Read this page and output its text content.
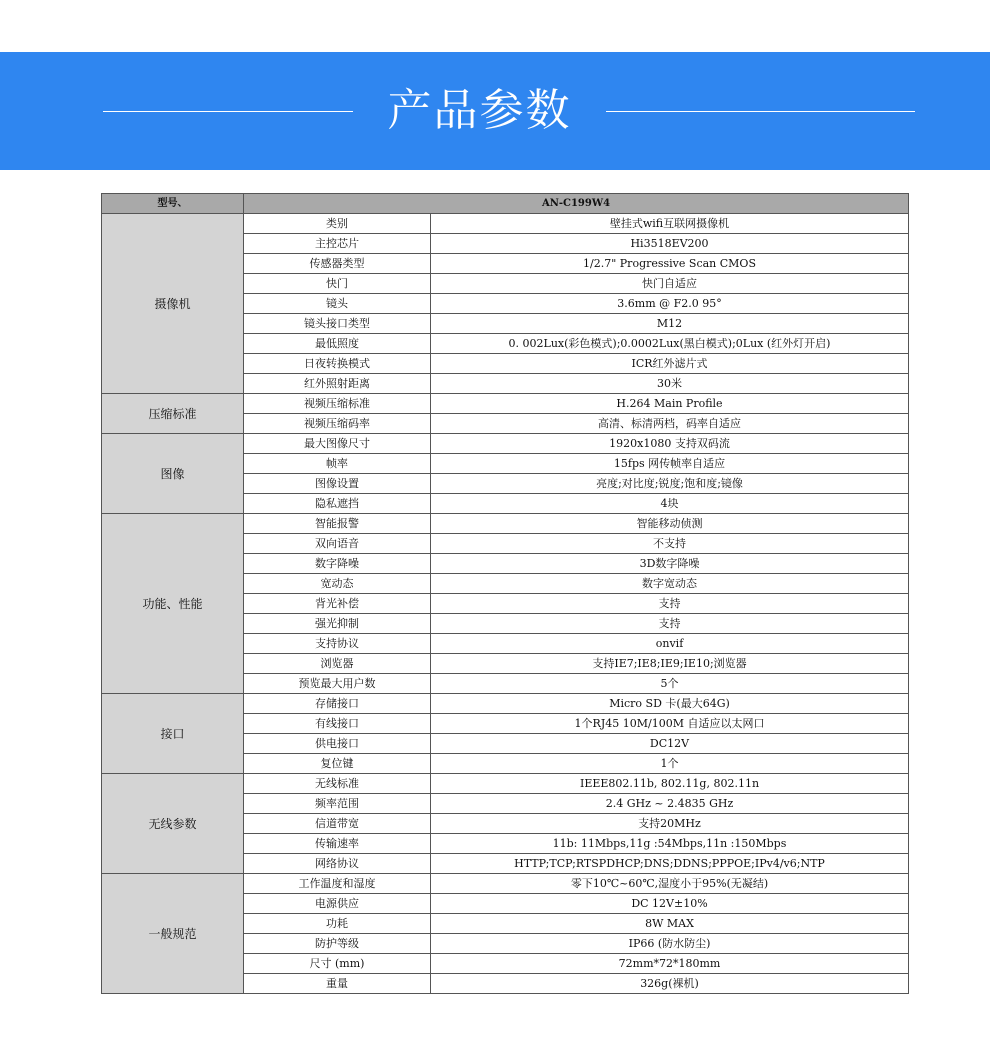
产品参数
型号、	AN-C199W4	
摄像机	类别	壁挂式wifi互联网摄像机
	主控芯片	Hi3518EV200
	传感器类型	1/2.7" Progressive Scan CMOS
	快门	快门自适应
	镜头	3.6mm @ F2.0 95°
	镜头接口类型	M12
	最低照度	0. 002Lux(彩色模式);0.0002Lux(黑白模式);0Lux (红外灯开启)
	日夜转换模式	ICR红外滤片式
	红外照射距离	30米
压缩标准	视频压缩标准	H.264 Main Profile
	视频压缩码率	高清、标清两档，码率自适应
图像	最大图像尺寸	1920x1080 支持双码流
	帧率	15fps 网传帧率自适应
	图像设置	亮度;对比度;锐度;饱和度;镜像
	隐私遮挡	4块
功能、性能	智能报警	智能移动侦测
	双向语音	不支持
	数字降噪	3D数字降噪
	宽动态	数字宽动态
	背光补偿	支持
	强光抑制	支持
	支持协议	onvif
	浏览器	支持IE7;IE8;IE9;IE10;浏览器
	预览最大用户数	5个
接口	存储接口	Micro SD 卡(最大64G)
	有线接口	1个RJ45 10M/100M 自适应以太网口
	供电接口	DC12V
	复位键	1个
无线参数	无线标准	IEEE802.11b, 802.11g, 802.11n
	频率范围	2.4 GHz ~ 2.4835 GHz
	信道带宽	支持20MHz
	传输速率	11b: 11Mbps,11g :54Mbps,11n :150Mbps
	网络协议	HTTP;TCP;RTSPDHCP;DNS;DDNS;PPPOE;IPv4/v6;NTP
一般规范	工作温度和湿度	零下10℃~60℃,湿度小于95%(无凝结)
	电源供应	DC 12V±10%
	功耗	8W MAX
	防护等级	IP66 (防水防尘)
	尺寸 (mm)	72mm*72*180mm
	重量	326g(裸机)
